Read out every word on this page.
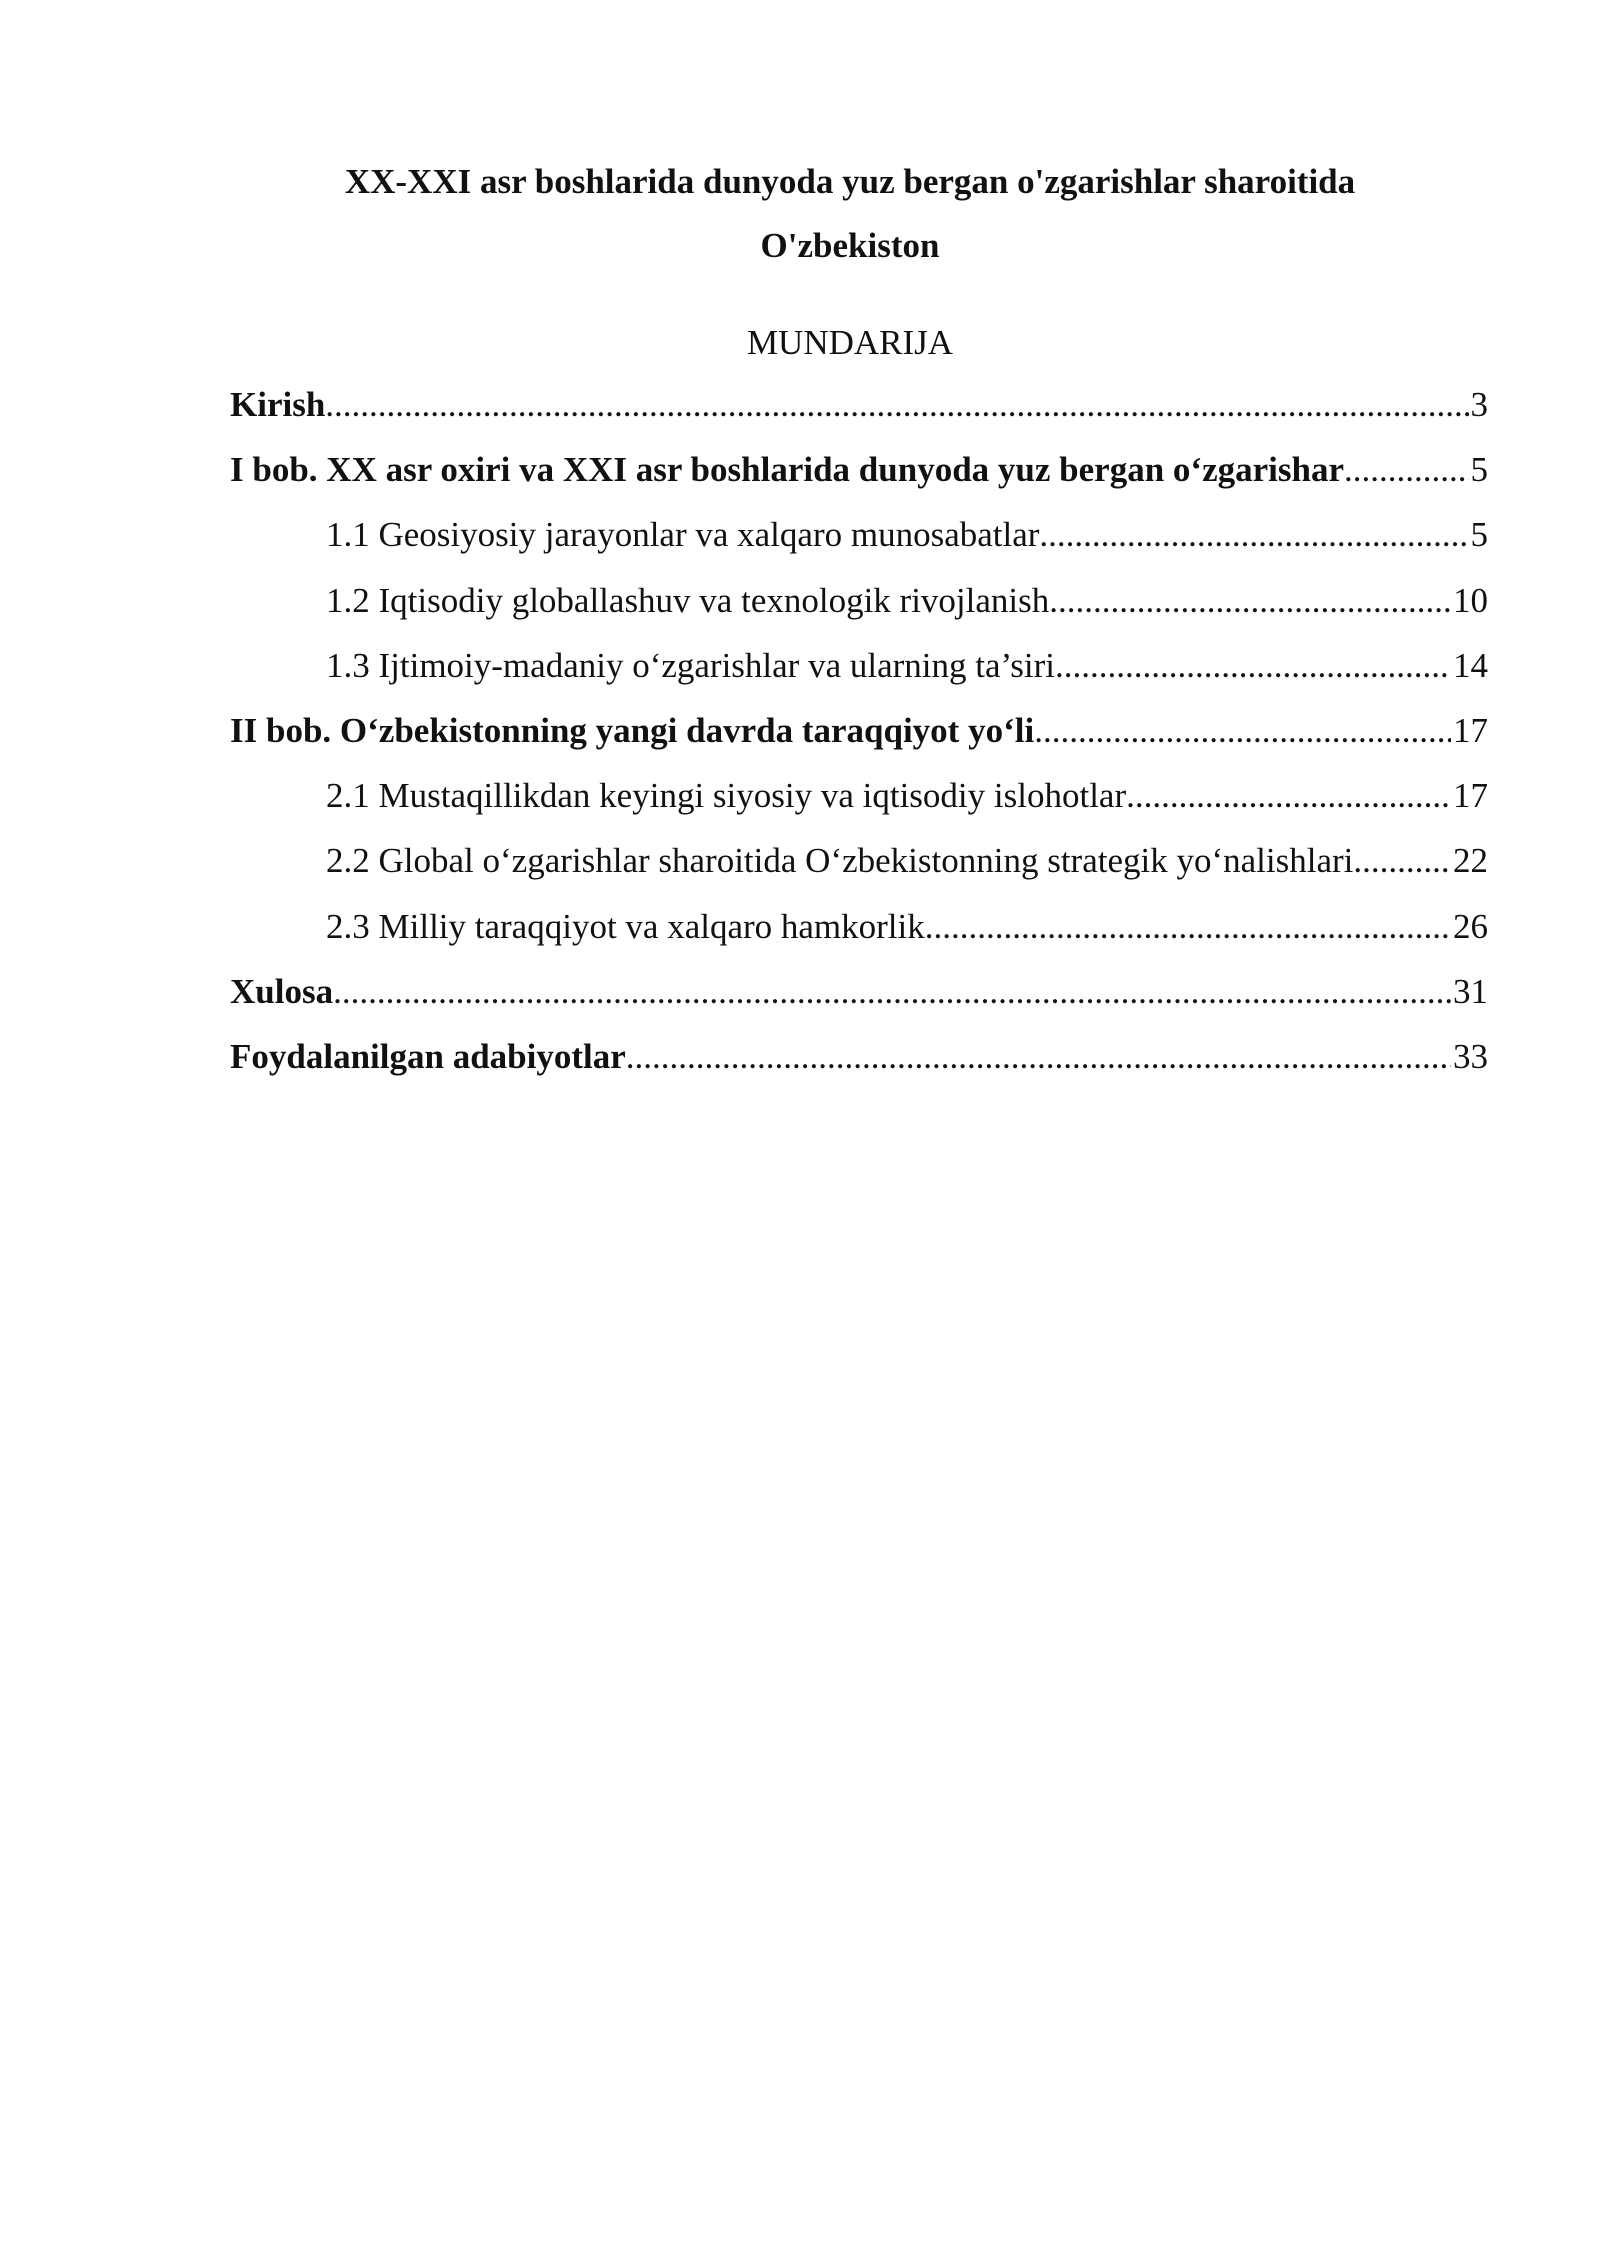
XX-XXI asr boshlarida dunyoda yuz bergan o'zgarishlar sharoitida
O'zbekiston
MUNDARIJA
Kirish .....	3
I bob. XX asr oxiri va XXI asr boshlarida dunyoda yuz bergan o‘zgarishar .....	5
1.1 Geosiyosiy jarayonlar va xalqaro munosabatlar .....	5
1.2 Iqtisodiy globallashuv va texnologik rivojlanish .....	10
1.3 Ijtimoiy-madaniy o‘zgarishlar va ularning ta’siri .....	14
II bob. O‘zbekistonning yangi davrda taraqqiyot yo‘li .....	17
2.1 Mustaqillikdan keyingi siyosiy va iqtisodiy islohotlar .....	17
2.2 Global o‘zgarishlar sharoitida O‘zbekistonning strategik yo‘nalishlari. .....	22
2.3 Milliy taraqqiyot va xalqaro hamkorlik .....	26
Xulosa .....	31
Foydalanilgan adabiyotlar .....	33
